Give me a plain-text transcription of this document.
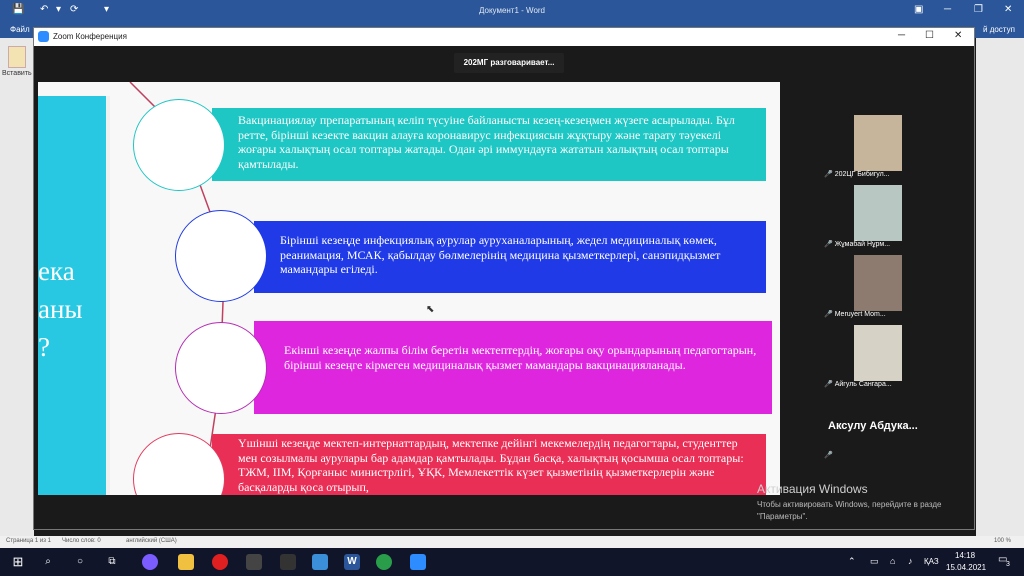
💾 ↶ ▾ ⟳	▾	Документ1 - Word	▣ ─ ❐ ✕
Файл	й доступ
Вставить
Страница 1 из 1 Число слов: 0	английский (США)	100 %
Zoom Конференция	─ ☐ ✕
202МГ разговаривает...
ека
аны
?
Вакцинациялау препаратының келіп түсуіне байланысты кезең-кезеңмен жүзеге асырылады. Бұл ретте, бірінші кезекте вакцин алауға коронавирус инфекциясын жұқтыру және тарату тәуекелі жоғары халықтың осал топтары жатады. Одан әрі иммундауға жататын халықтың осал топтары қамтылады.
Бірінші кезеңде инфекциялық аурулар ауруханаларының, жедел медициналық көмек, реанимация, МСАК, қабылдау бөлмелерінің медицина қызметкерлері, санэпидқызмет мамандары егіледі.
Екінші кезеңде жалпы білім беретін мектептердің, жоғары оқу орындарының педагогтарын, бірінші кезеңге кірмеген медициналық қызмет мамандары вакцинацияланады.
Үшінші кезеңде мектеп-интернаттардың, мектепке дейінгі мекемелердің педагогтары, студенттер мен созылмалы аурулары бар адамдар қамтылады. Бұдан басқа, халықтың қосымша осал топтары: ТЖМ, ІІМ, Қорғаныс министрлігі, ҰҚК, Мемлекеттік күзет қызметінің қызметкерлерін және басқаларды қоса отырып,
⬉
🎤 202ЦГ Бибигул...
🎤 Жұмабай Нұрм...
🎤 Meruyert Mom...
🎤 Айгуль Сангара...
Аксулу Абдука...
🎤
Активация Windows
Чтобы активировать Windows, перейдите в разде
"Параметры".
⊞	⌕	○	⧉	W	⌃ ▭ ⌂ ♪ ҚАЗ
14:18
15.04.2021
▭
3
